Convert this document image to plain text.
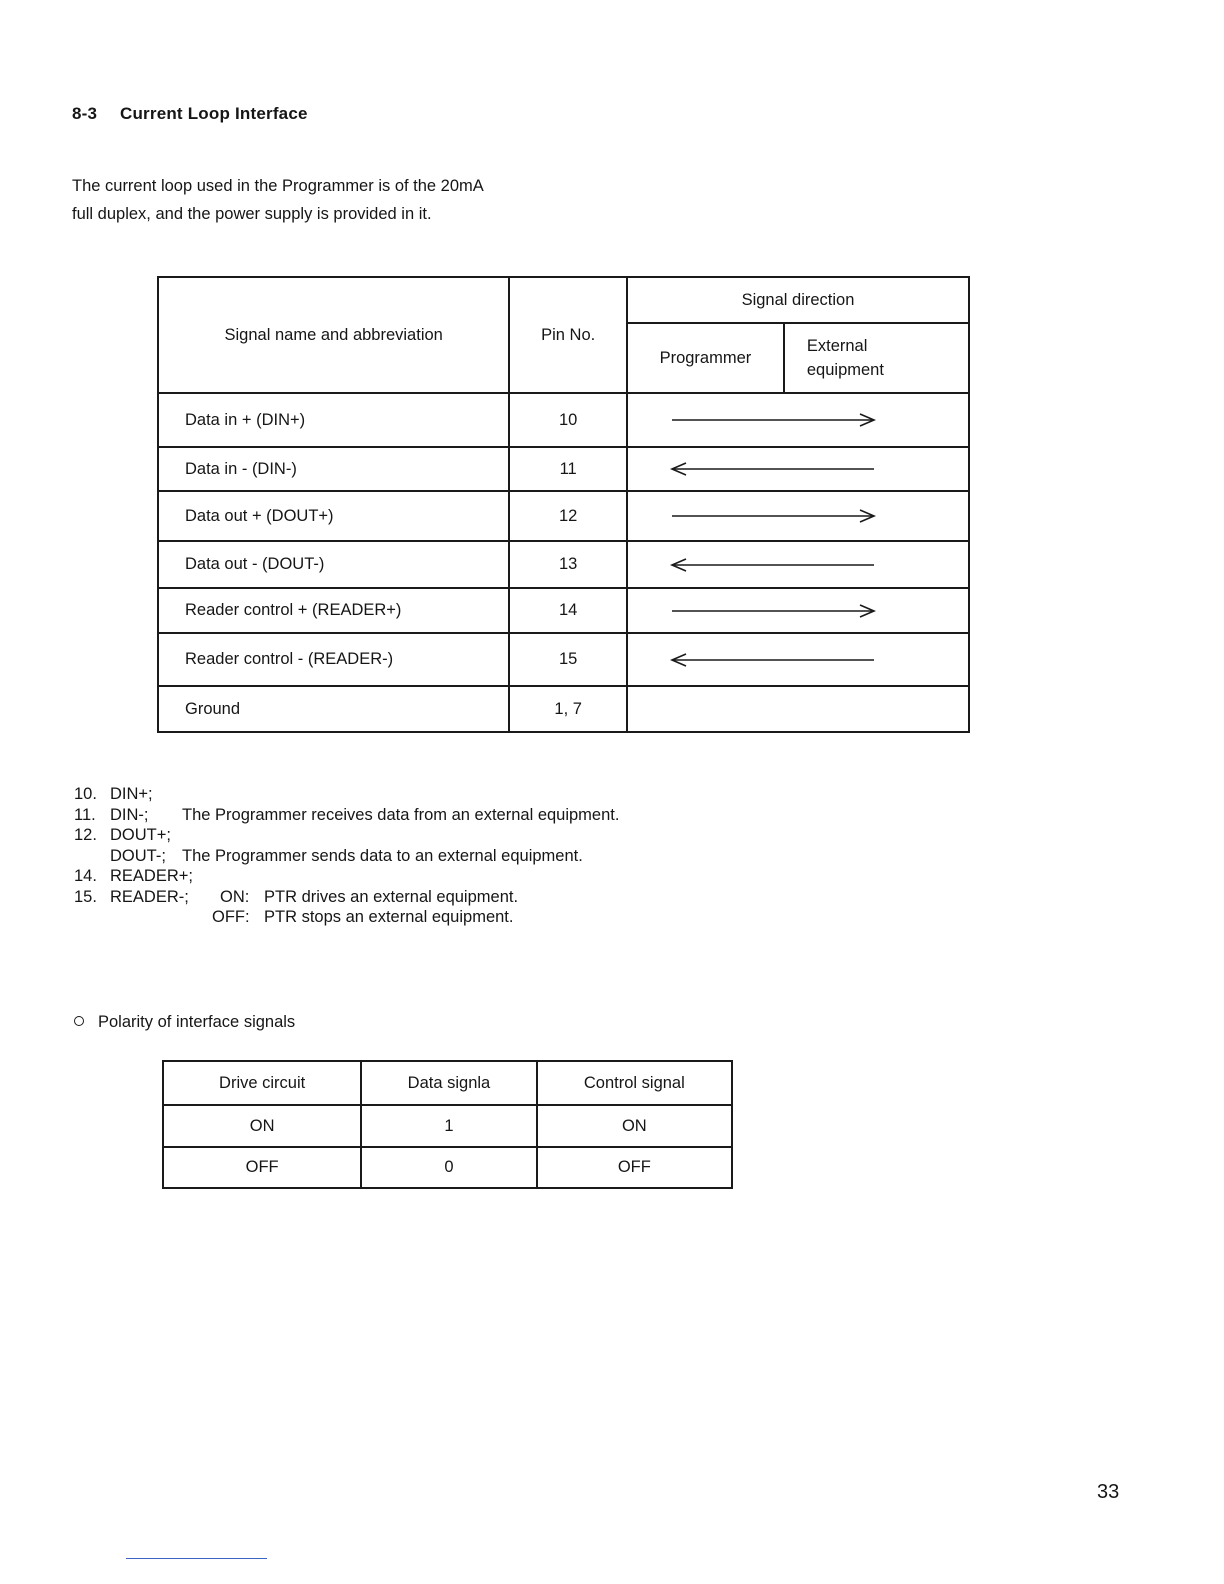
8-3 Current Loop Interface
The current loop used in the Programmer is of the 20mA
full duplex, and the power supply is provided in it.
Signal name and abbreviation	Pin No.	Signal direction	
		Programmer	External
equipment

Data in + (DIN+)	10	

Data in - (DIN-)	11	

Data out + (DOUT+)	12	

Data out - (DOUT-)	13	

Reader control + (READER+)	14	

Reader control - (READER-)	15	

Ground	1, 7		
10. DIN+;
11. DIN-; The Programmer receives data from an external equipment.
12. DOUT+;
DOUT-; The Programmer sends data to an external equipment.
14. READER+;
15. READER-; ON: PTR drives an external equipment.
OFF: PTR stops an external equipment.
Polarity of interface signals
Drive circuit	Data signla	Control signal
ON	1	ON
OFF	0	OFF
33
